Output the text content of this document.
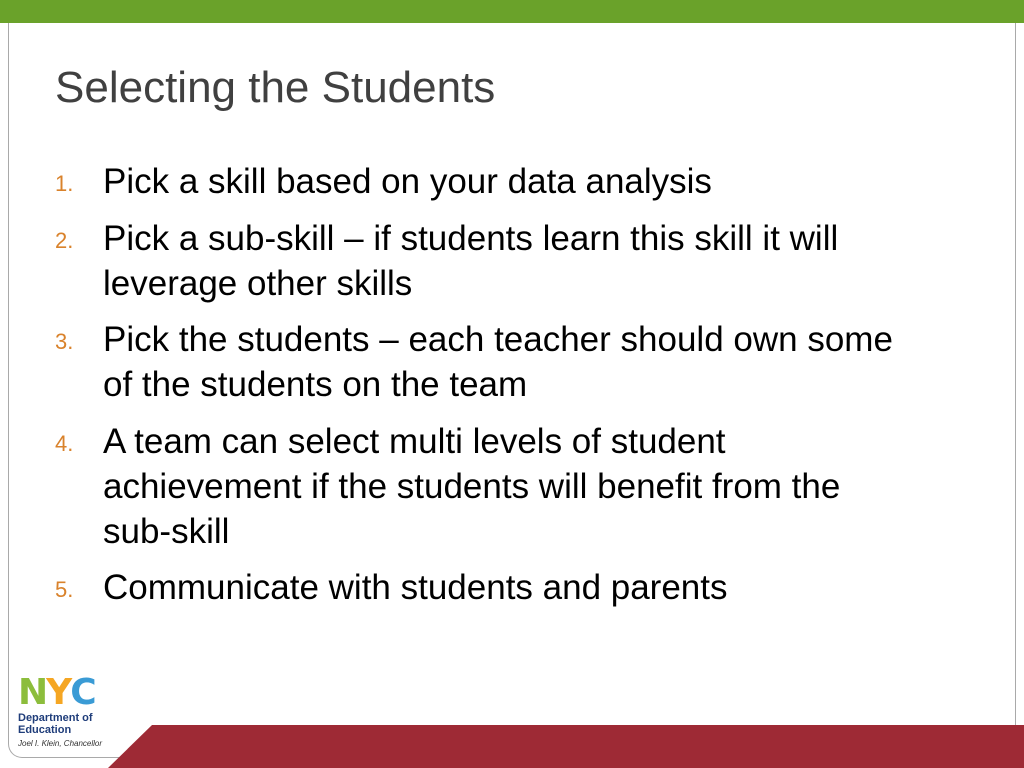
Selecting the Students
1. Pick a skill based on your data analysis
2. Pick a sub-skill – if students learn this skill it will leverage other skills
3. Pick the students – each teacher should own some of the students on the team
4. A team can select multi levels of student achievement if the students will benefit from the sub-skill
5. Communicate with students and parents
N Y C
Department of
Education
Joel I. Klein, Chancellor
